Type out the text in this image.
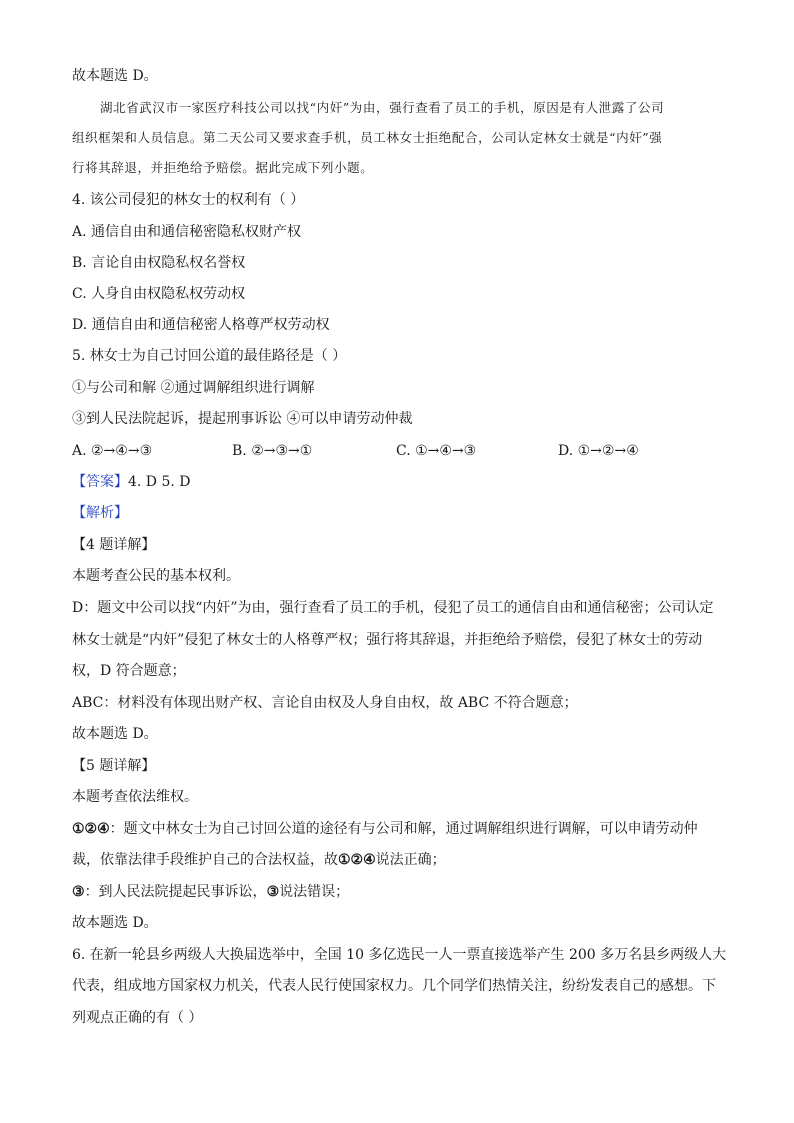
故本题选 D。
湖北省武汉市一家医疗科技公司以找“内奸”为由，强行查看了员工的手机，原因是有人泄露了公司
组织框架和人员信息。第二天公司又要求查手机，员工林女士拒绝配合，公司认定林女士就是“内奸”强
行将其辞退，并拒绝给予赔偿。据此完成下列小题。
4. 该公司侵犯的林女士的权利有（ ）
A. 通信自由和通信秘密隐私权财产权
B. 言论自由权隐私权名誉权
C. 人身自由权隐私权劳动权
D. 通信自由和通信秘密人格尊严权劳动权
5. 林女士为自己讨回公道的最佳路径是（ ）
①与公司和解 ②通过调解组织进行调解
③到人民法院起诉，提起刑事诉讼 ④可以申请劳动仲裁
A. ②→④→③	B. ②→③→①	C. ①→④→③	D. ①→②→④
【答案】4. D 5. D
【解析】
【4 题详解】
本题考查公民的基本权利。
D：题文中公司以找“内奸”为由，强行查看了员工的手机，侵犯了员工的通信自由和通信秘密；公司认定
林女士就是“内奸”侵犯了林女士的人格尊严权；强行将其辞退，并拒绝给予赔偿，侵犯了林女士的劳动
权，D 符合题意；
ABC：材料没有体现出财产权、言论自由权及人身自由权，故 ABC 不符合题意；
故本题选 D。
【5 题详解】
本题考查依法维权。
①②④：题文中林女士为自己讨回公道的途径有与公司和解，通过调解组织进行调解，可以申请劳动仲
裁，依靠法律手段维护自己的合法权益，故①②④说法正确；
③：到人民法院提起民事诉讼，③说法错误；
故本题选 D。
6. 在新一轮县乡两级人大换届选举中，全国 10 多亿选民一人一票直接选举产生 200 多万名县乡两级人大
代表，组成地方国家权力机关，代表人民行使国家权力。几个同学们热情关注，纷纷发表自己的感想。下
列观点正确的有（ ）
